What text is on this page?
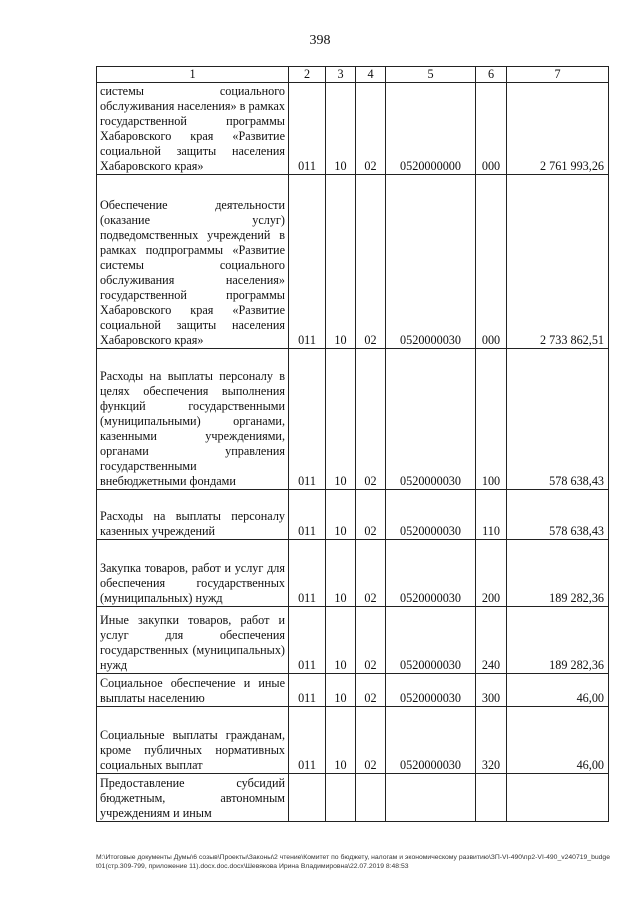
398
1	2	3	4	5	6	7
системы социального обслуживания населения» в рамках государственной программы Хабаровского края «Развитие социальной защиты населения Хабаровского края»	011	10	02	0520000000	000	2 761 993,26
Обеспечение деятельности (оказание услуг) подведомственных учреждений в рамках подпрограммы «Развитие системы социального обслуживания населения» государственной программы Хабаровского края «Развитие социальной защиты населения Хабаровского края»	011	10	02	0520000030	000	2 733 862,51
Расходы на выплаты персоналу в целях обеспечения выполнения функций государственными (муниципальными) органами, казенными учреждениями, органами управления государственными внебюджетными фондами	011	10	02	0520000030	100	578 638,43
Расходы на выплаты персоналу казенных учреждений	011	10	02	0520000030	110	578 638,43
Закупка товаров, работ и услуг для обеспечения государственных (муниципальных) нужд	011	10	02	0520000030	200	189 282,36
Иные закупки товаров, работ и услуг для обеспечения государственных (муниципальных) нужд	011	10	02	0520000030	240	189 282,36
Социальное обеспечение и иные выплаты населению	011	10	02	0520000030	300	46,00
Социальные выплаты гражданам, кроме публичных нормативных социальных выплат	011	10	02	0520000030	320	46,00
Предоставление субсидий бюджетным, автономным учреждениям и иным						
M:\Итоговые документы Думы\6 созыв\Проекты\Законы\2 чтение\Комитет по бюджету, налогам и экономическому развитию\ЗП-VI-490\пр2-VI-490_v240719_budget01(стр.309-799, приложение 11).docx.doc.docx\Шевякова Ирина Владимировна\22.07.2019 8:48:53
